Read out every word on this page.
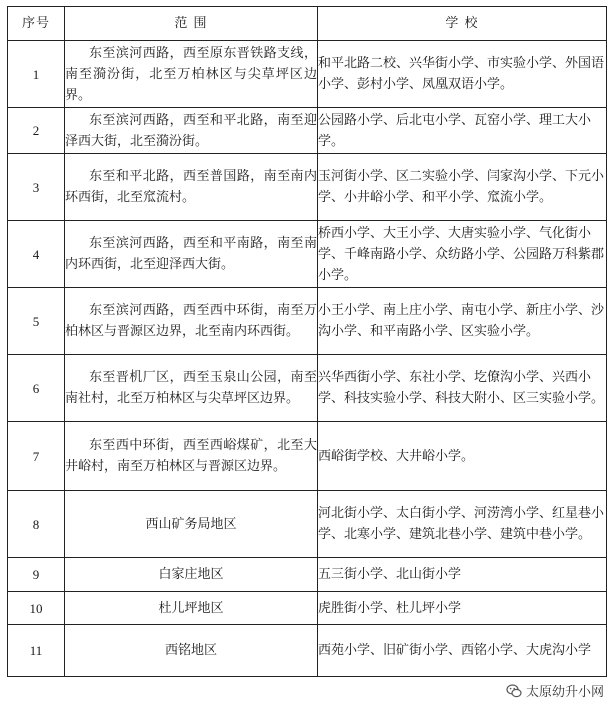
序号	范 围	学 校
1	东至滨河西路，西至原东晋铁路支线，南至漪汾街，北至万柏林区与尖草坪区边界。	和平北路二校、兴华街小学、市实验小学、外国语小学、彭村小学、凤凰双语小学。
2	东至滨河西路，西至和平北路，南至迎泽西大街，北至漪汾街。	公园路小学、后北屯小学、瓦窑小学、理工大小学。
3	东至和平北路，西至普国路，南至南内环西街，北至窊流村。	玉河街小学、区二实验小学、闫家沟小学、下元小学、小井峪小学、和平小学、窊流小学。
4	东至滨河西路，西至和平南路，南至南内环西街，北至迎泽西大街。	桥西小学、大王小学、大唐实验小学、气化街小学、千峰南路小学、众纺路小学、公园路万科紫郡小学。
5	东至滨河西路，西至西中环街，南至万柏林区与晋源区边界，北至南内环西街。	小王小学、南上庄小学、南屯小学、新庄小学、沙沟小学、和平南路小学、区实验小学。
6	东至晋机厂区，西至玉泉山公园，南至南社村，北至万柏林区与尖草坪区边界。	兴华西街小学、东社小学、圪僚沟小学、兴西小学、科技实验小学、科技大附小、区三实验小学。
7	东至西中环街，西至西峪煤矿，北至大井峪村，南至万柏林区与晋源区边界。	西峪街学校、大井峪小学。
8	西山矿务局地区	河北街小学、太白街小学、河涝湾小学、红星巷小学、北寒小学、建筑北巷小学、建筑中巷小学。
9	白家庄地区	五三街小学、北山街小学
10	杜儿坪地区	虎胜街小学、杜儿坪小学
11	西铭地区	西苑小学、旧矿街小学、西铭小学、大虎沟小学
太原幼升小网
